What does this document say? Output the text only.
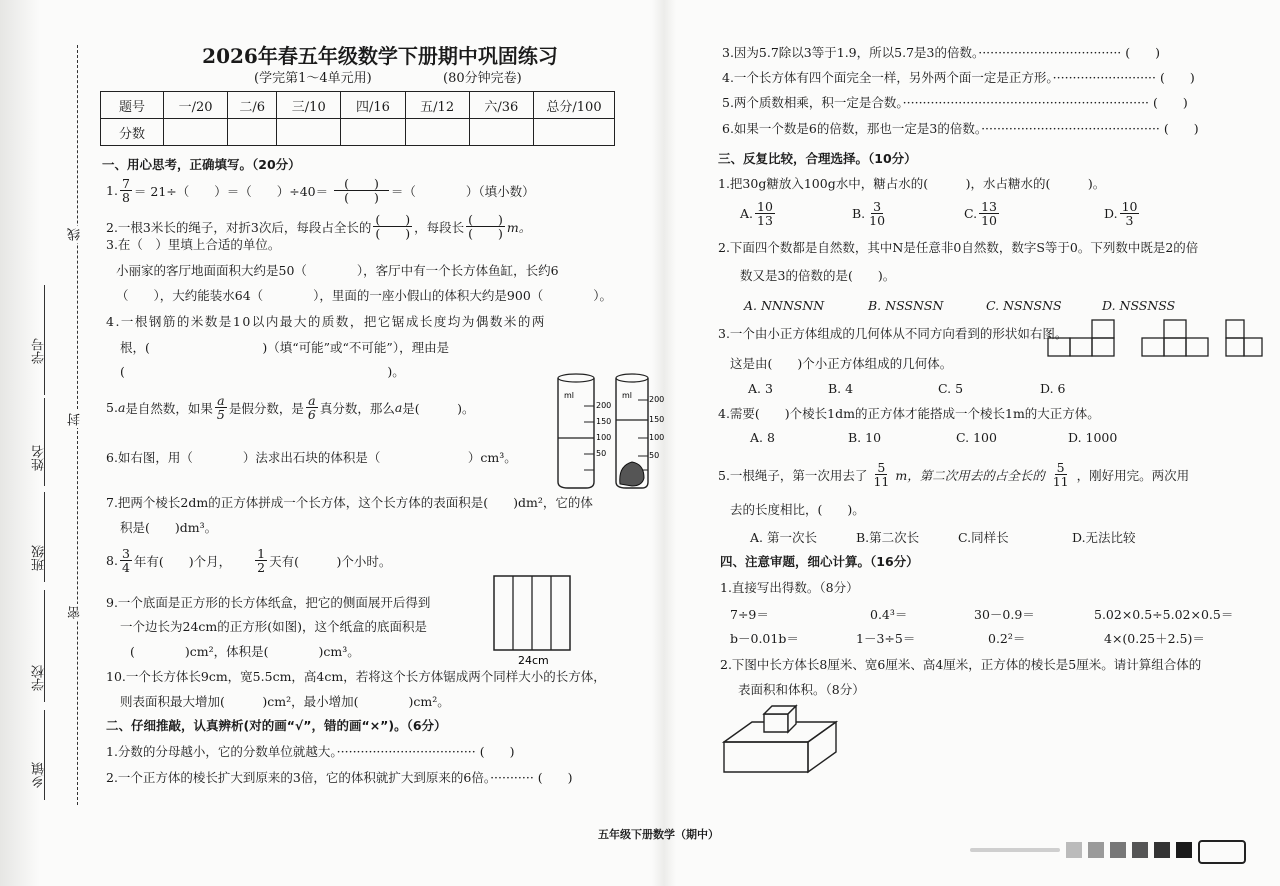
线
封
密
学号
姓名
班级
学校
乡镇
2026年春五年级数学下册期中巩固练习
(学完第1～4单元用)	(80分钟完卷)
题号	一/20	二/6	三/10	四/16	五/12	六/36	总分/100
分数							
一、用心思考，正确填写。（20分）
1. $\frac{7}{8} = 21\div$（　　）＝（　　）$\div 40= \frac{( )}{( )}$ ＝（　　　　）（填小数）
2.一根3米长的绳子，对折3次后，每段占全长的 $\frac{( )}{( )}$ ，每段长 $\frac{( )}{( )}$ m。
3.在（　）里填上合适的单位。
小丽家的客厅地面面积大约是50（　　　　），客厅中有一个长方体鱼缸，长约6
（　　），大约能装水64（　　　　），里面的一座小假山的体积大约是900（　　　　）。
4.一根钢筋的米数是10以内最大的质数，把它锯成长度均为偶数米的两
根，(　　　　　　　　　)（填“可能”或“不可能”），理由是
(　　　　　　　　　　　　　　　　　　　　　)。
5. a 是自然数，如果 $\frac{a}{5}$ 是假分数，是 $\frac{a}{6}$ 真分数，那么 a 是(　　　)。
6.如右图，用（　　　　）法求出石块的体积是（　　　　　　　）cm³。
ml
200
150
100
50
ml 200
150
100
50
7.把两个棱长2dm的正方体拼成一个长方体，这个长方体的表面积是(　　)dm²，它的体
积是(　　)dm³。
8. $\frac{3}{4}$ 年有(　　)个月， $\frac{1}{2}$ 天有(　　　)个小时。
9.一个底面是正方形的长方体纸盒，把它的侧面展开后得到
一个边长为24cm的正方形(如图)，这个纸盒的底面积是
(　　　　)cm²，体积是(　　　　)cm³。
24cm
10.一个长方体长9cm，宽5.5cm，高4cm，若将这个长方体锯成两个同样大小的长方体，
则表面积最大增加(　　　)cm²，最小增加(　　　　)cm²。
二、仔细推敲，认真辨析(对的画“√”，错的画“×”)。（6分）
1.分数的分母越小，它的分数单位就越大。··································· (　　)
2.一个正方体的棱长扩大到原来的3倍，它的体积就扩大到原来的6倍。··········· (　　)
五年级下册数学（期中）
3.因为5.7除以3等于1.9，所以5.7是3的倍数。···································· (　　)
4.一个长方体有四个面完全一样，另外两个面一定是正方形。·························· (　　)
5.两个质数相乘，积一定是合数。······························································ (　　)
6.如果一个数是6的倍数，那也一定是3的倍数。············································· (　　)
三、反复比较，合理选择。（10分）
1.把30g糖放入100g水中，糖占水的(　　　)，水占糖水的(　　　)。
A. $\frac{10}{13}$	B. $\frac{3}{10}$	C. $\frac{13}{10}$	D. $\frac{10}{3}$
2.下面四个数都是自然数，其中N是任意非0自然数，数字S等于0。下列数中既是2的倍
数又是3的倍数的是(　　)。
A. NNNSNN	B. NSSNSN	C. NSNSNS	D. NSSNSS
3.一个由小正方体组成的几何体从不同方向看到的形状如右图。
这是由(　　)个小正方体组成的几何体。
A. 3	B. 4	C. 5	D. 6
4.需要(　　)个棱长1dm的正方体才能搭成一个棱长1m的大正方体。
A. 8	B. 10	C. 100	D. 1000
5.一根绳子，第一次用去了 $\frac{5}{11}$ m，第二次用去的占全长的 $\frac{5}{11}$ ，刚好用完。两次用
去的长度相比，(　　)。
A. 第一次长	B.第二次长	C.同样长	D.无法比较
四、注意审题，细心计算。（16分）
1.直接写出得数。（8分）
7÷9＝	0.4³＝	30－0.9＝	5.02×0.5÷5.02×0.5＝
b－0.01b＝	1－3÷5＝	0.2²＝	4×(0.25＋2.5)＝
2.下图中长方体长8厘米、宽6厘米、高4厘米，正方体的棱长是5厘米。请计算组合体的
表面积和体积。（8分）
